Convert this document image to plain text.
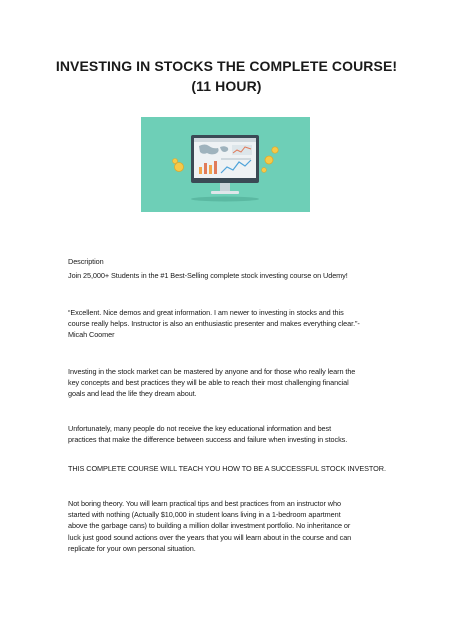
INVESTING IN STOCKS THE COMPLETE COURSE!
(11 HOUR)

Description

Join 25,000+ Students in the #1 Best-Selling complete stock investing course on Udemy!

“Excellent. Nice demos and great information. I am newer to investing in stocks and this
course really helps. Instructor is also an enthusiastic presenter and makes everything clear.”-
Micah Coomer

Investing in the stock market can be mastered by anyone and for those who really learn the
key concepts and best practices they will be able to reach their most challenging financial
goals and lead the life they dream about.

Unfortunately, many people do not receive the key educational information and best
practices that make the difference between success and failure when investing in stocks.

THIS COMPLETE COURSE WILL TEACH YOU HOW TO BE A SUCCESSFUL STOCK INVESTOR.

Not boring theory. You will learn practical tips and best practices from an instructor who
started with nothing (Actually $10,000 in student loans living in a 1-bedroom apartment
above the garbage cans) to building a million dollar investment portfolio. No inheritance or
luck just good sound actions over the years that you will learn about in the course and can
replicate for your own personal situation.
